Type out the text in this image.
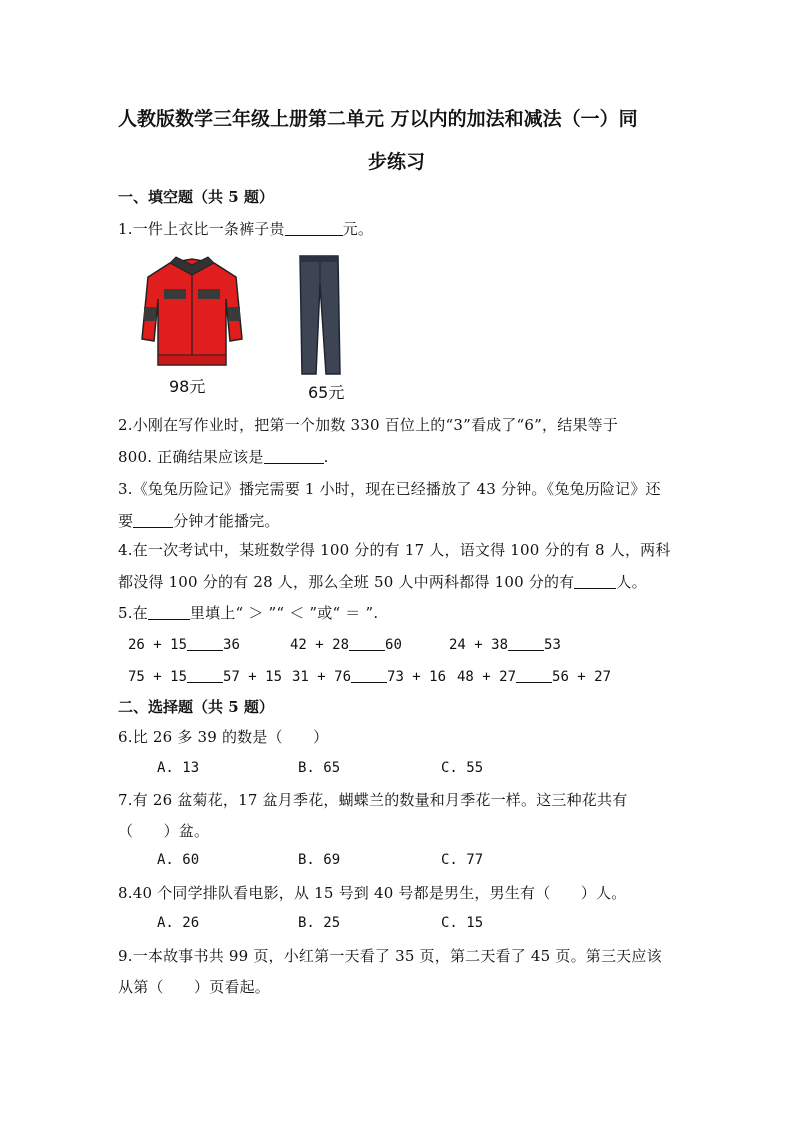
人教版数学三年级上册第二单元 万以内的加法和减法（一）同
步练习
一、填空题（共 5 题）
1.一件上衣比一条裤子贵	元。
98元	65元
2.小刚在写作业时，把第一个加数 330 百位上的“3”看成了“6”，结果等于
800. 正确结果应该是	.
3.《兔兔历险记》播完需要 1 小时，现在已经播放了 43 分钟。《兔兔历险记》还
要	分钟才能播完。
4.在一次考试中，某班数学得 100 分的有 17 人，语文得 100 分的有 8 人，两科
都没得 100 分的有 28 人，那么全班 50 人中两科都得 100 分的有	人。
5.在	里填上“ ＞ ”“ ＜ ”或“ ＝ ”.
26 + 15	36	42 + 28	60	24 + 38	53
75 + 15	57 + 15 31 + 76	73 + 16 48 + 27	56 + 27
二、选择题（共 5 题）
6.比 26 多 39 的数是（　　）
A. 13	B. 65	C. 55
7.有 26 盆菊花，17 盆月季花，蝴蝶兰的数量和月季花一样。这三种花共有
（　　）盆。
A. 60	B. 69	C. 77
8.40 个同学排队看电影，从 15 号到 40 号都是男生，男生有（　　）人。
A. 26	B. 25	C. 15
9.一本故事书共 99 页，小红第一天看了 35 页，第二天看了 45 页。第三天应该
从第（　　）页看起。
